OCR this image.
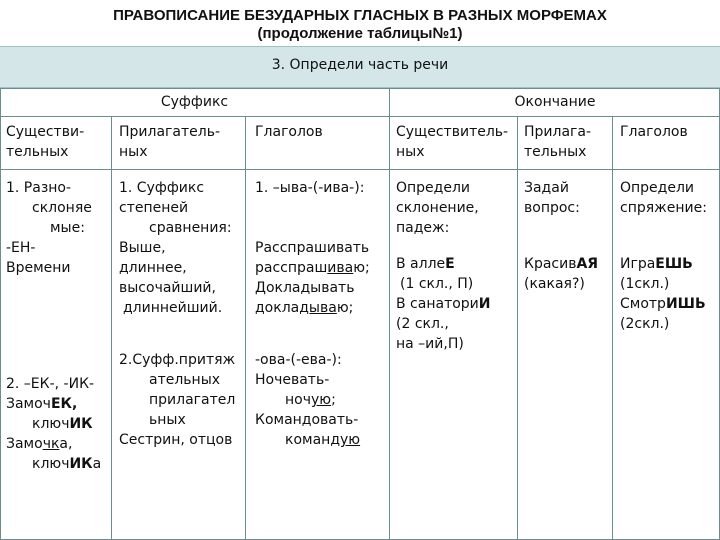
ПРАВОПИСАНИЕ БЕЗУДАРНЫХ ГЛАСНЫХ В РАЗНЫХ МОРФЕМАХ
(продолжение таблицы№1)
3. Определи часть речи
Суффикс	Окончание
Существи-
тельных
Прилагатель-
ных
Глаголов	Существитель-
ных
Прилага-
тельных
Глаголов
1. Разно-
склоняе
мые:
-ЕН-
Времени
2. –ЕК-, -ИК-
ЗамочЕК,
ключИК
Замочка,
ключИКа
1. Суффикс
степеней
сравнения:
Выше,
длиннее,
высочайший,
длиннейший.
2.Суфф.притяж
ательных
прилагател
ьных
Сестрин, отцов
1. –ыва-(-ива-):
Расспрашивать
расспрашиваю;
Докладывать
докладываю;
-ова-(-ева-):
Ночевать-
ночую;
Командовать-
командую
Определи
склонение,
падеж:
В аллеЕ
(1 скл., П)
В санаториИ
(2 скл.,
на –ий,П)
Задай
вопрос:
КрасивАЯ
(какая?)
Определи
спряжение:
ИграЕШЬ
(1скл.)
СмотрИШЬ
(2скл.)
